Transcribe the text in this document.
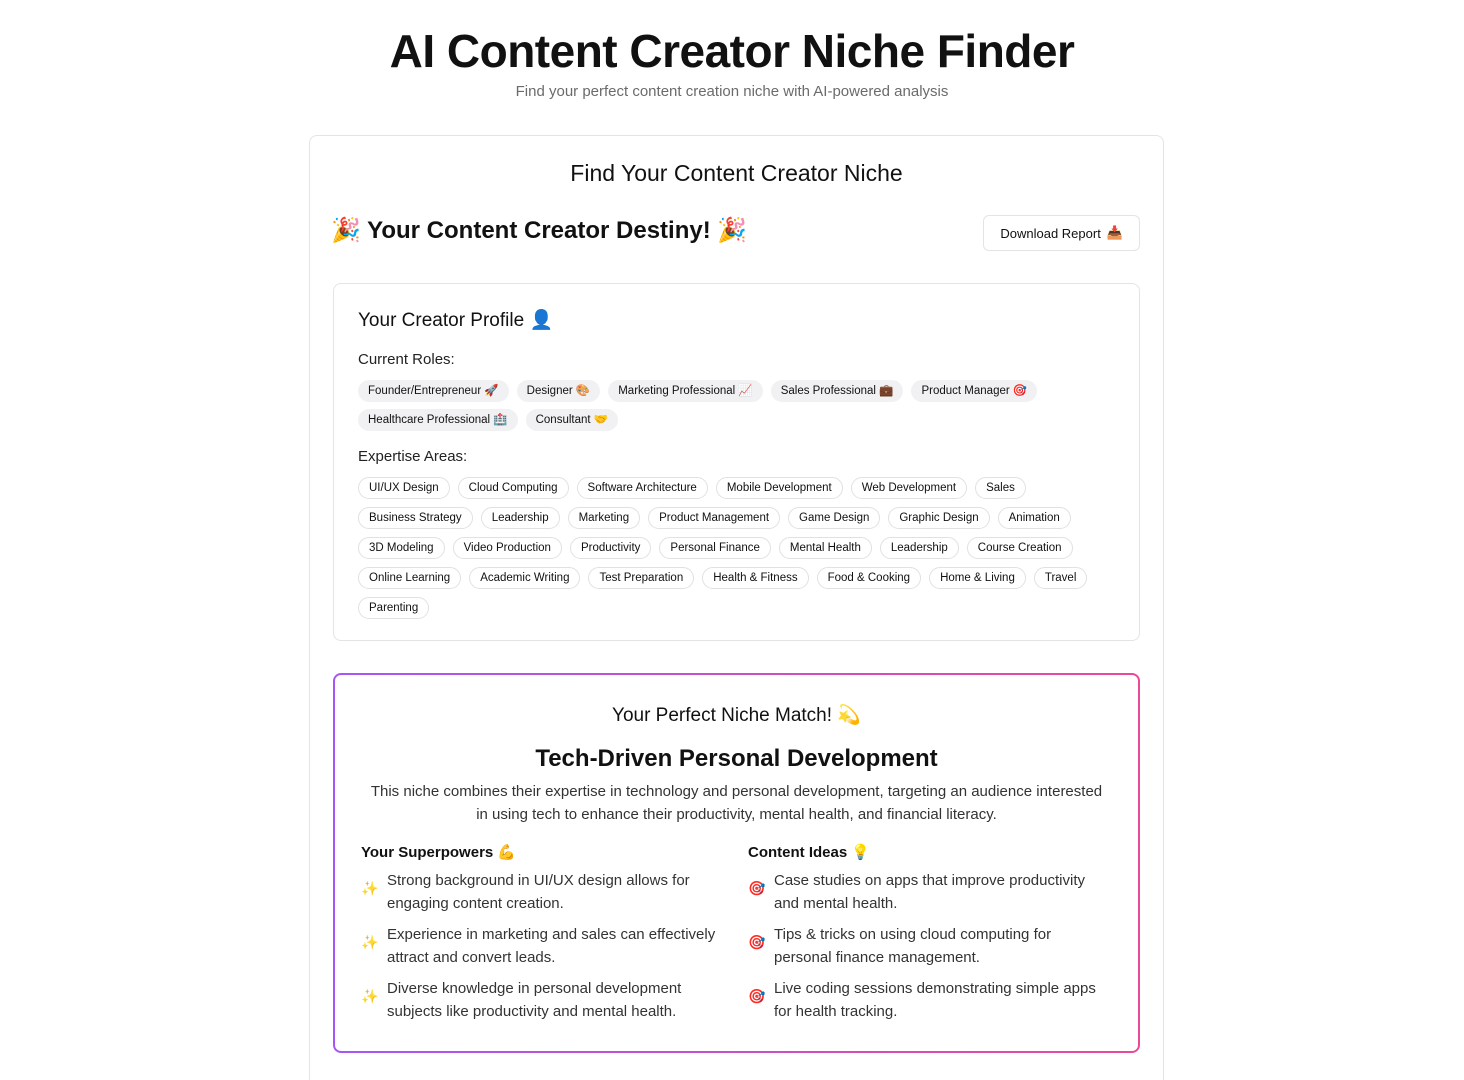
AI Content Creator Niche Finder

Find your perfect content creation niche with AI-powered analysis

Find Your Content Creator Niche
🎉 Your Content Creator Destiny! 🎉	Download Report 📥
Your Creator Profile 👤
Current Roles:
Founder/Entrepreneur 🚀	Designer 🎨	Marketing Professional 📈	Sales Professional 💼	Product Manager 🎯
Healthcare Professional 🏥	Consultant 🤝
Expertise Areas:
UI/UX Design	Cloud Computing	Software Architecture	Mobile Development	Web Development	Sales
Business Strategy	Leadership	Marketing	Product Management	Game Design	Graphic Design	Animation
3D Modeling	Video Production	Productivity	Personal Finance	Mental Health	Leadership	Course Creation
Online Learning	Academic Writing	Test Preparation	Health & Fitness	Food & Cooking	Home & Living	Travel
Parenting
Your Perfect Niche Match! 💫
Tech-Driven Personal Development
This niche combines their expertise in technology and personal development, targeting an audience interested in using tech to enhance their productivity, mental health, and financial literacy.
Your Superpowers 💪
✨ Strong background in UI/UX design allows for engaging content creation.
✨ Experience in marketing and sales can effectively attract and convert leads.
✨ Diverse knowledge in personal development subjects like productivity and mental health.
Content Ideas 💡
🎯 Case studies on apps that improve productivity and mental health.
🎯 Tips & tricks on using cloud computing for personal finance management.
🎯 Live coding sessions demonstrating simple apps for health tracking.
